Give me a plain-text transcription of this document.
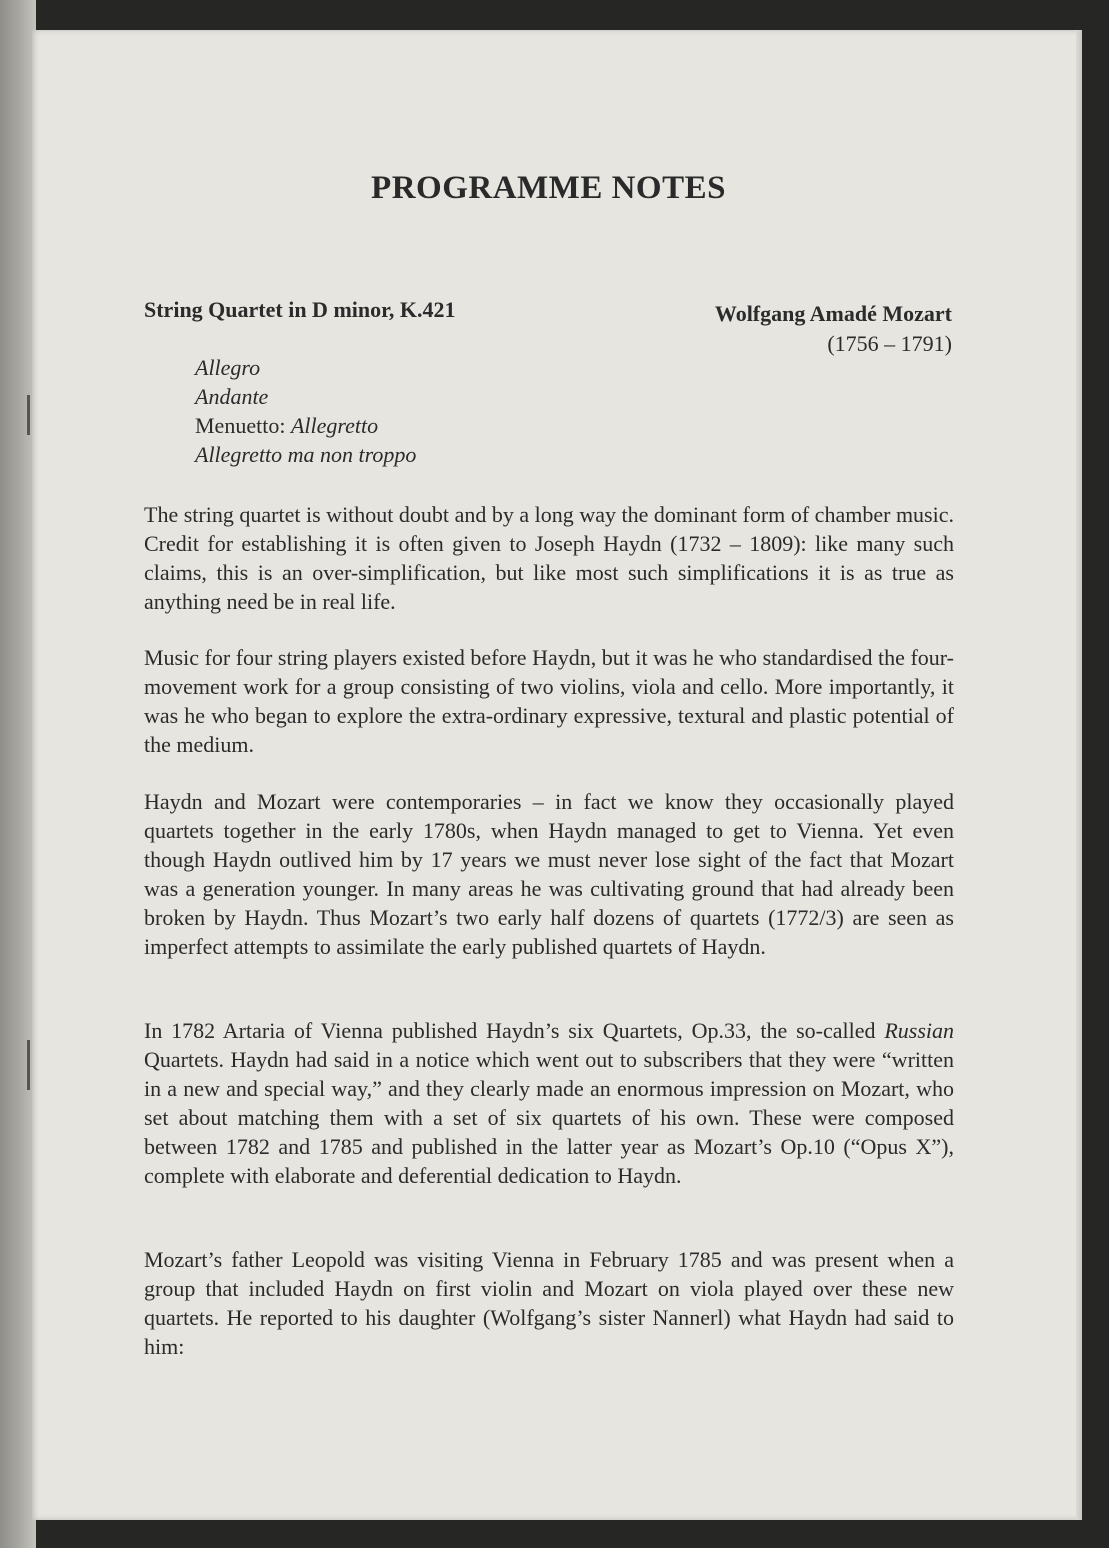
PROGRAMME NOTES
String Quartet in D minor, K.421	Wolfgang Amadé Mozart
(1756 – 1791)
Allegro
Andante
Menuetto: Allegretto
Allegretto ma non troppo

The string quartet is without doubt and by a long way the dominant form of chamber music. Credit for establishing it is often given to Joseph Haydn (1732 – 1809): like many such claims, this is an over-simplification, but like most such simplifications it is as true as anything need be in real life.

Music for four string players existed before Haydn, but it was he who standardised the four-movement work for a group consisting of two violins, viola and cello. More importantly, it was he who began to explore the extra-ordinary expressive, textural and plastic potential of the medium.

Haydn and Mozart were contemporaries – in fact we know they occasionally played quartets together in the early 1780s, when Haydn managed to get to Vienna. Yet even though Haydn outlived him by 17 years we must never lose sight of the fact that Mozart was a generation younger. In many areas he was cultivating ground that had already been broken by Haydn. Thus Mozart’s two early half dozens of quartets (1772/3) are seen as imperfect attempts to assimilate the early published quartets of Haydn.

In 1782 Artaria of Vienna published Haydn’s six Quartets, Op.33, the so-called Russian Quartets. Haydn had said in a notice which went out to subscribers that they were “written in a new and special way,” and they clearly made an enormous impression on Mozart, who set about matching them with a set of six quartets of his own. These were composed between 1782 and 1785 and published in the latter year as Mozart’s Op.10 (“Opus X”), complete with elaborate and deferential dedication to Haydn.

Mozart’s father Leopold was visiting Vienna in February 1785 and was present when a group that included Haydn on first violin and Mozart on viola played over these new quartets. He reported to his daughter (Wolfgang’s sister Nannerl) what Haydn had said to him:
